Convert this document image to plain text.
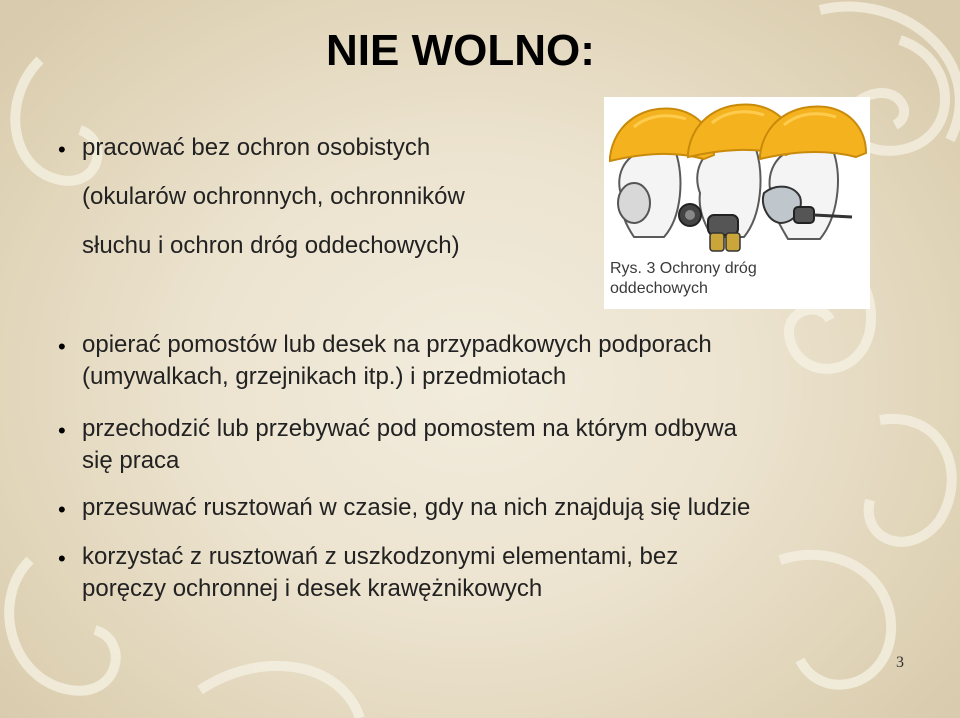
NIE WOLNO:
• pracować bez ochron osobistych
(okularów ochronnych, ochronników
słuchu i ochron dróg oddechowych)
• opierać pomostów lub desek na przypadkowych podporach
(umywalkach, grzejnikach itp.) i przedmiotach
• przechodzić lub przebywać pod pomostem na którym odbywa
się praca
• przesuwać rusztowań w czasie, gdy na nich znajdują się ludzie
• korzystać z rusztowań z uszkodzonymi elementami, bez
poręczy ochronnej i desek krawężnikowych
Rys. 3 Ochrony dróg
oddechowych
3
